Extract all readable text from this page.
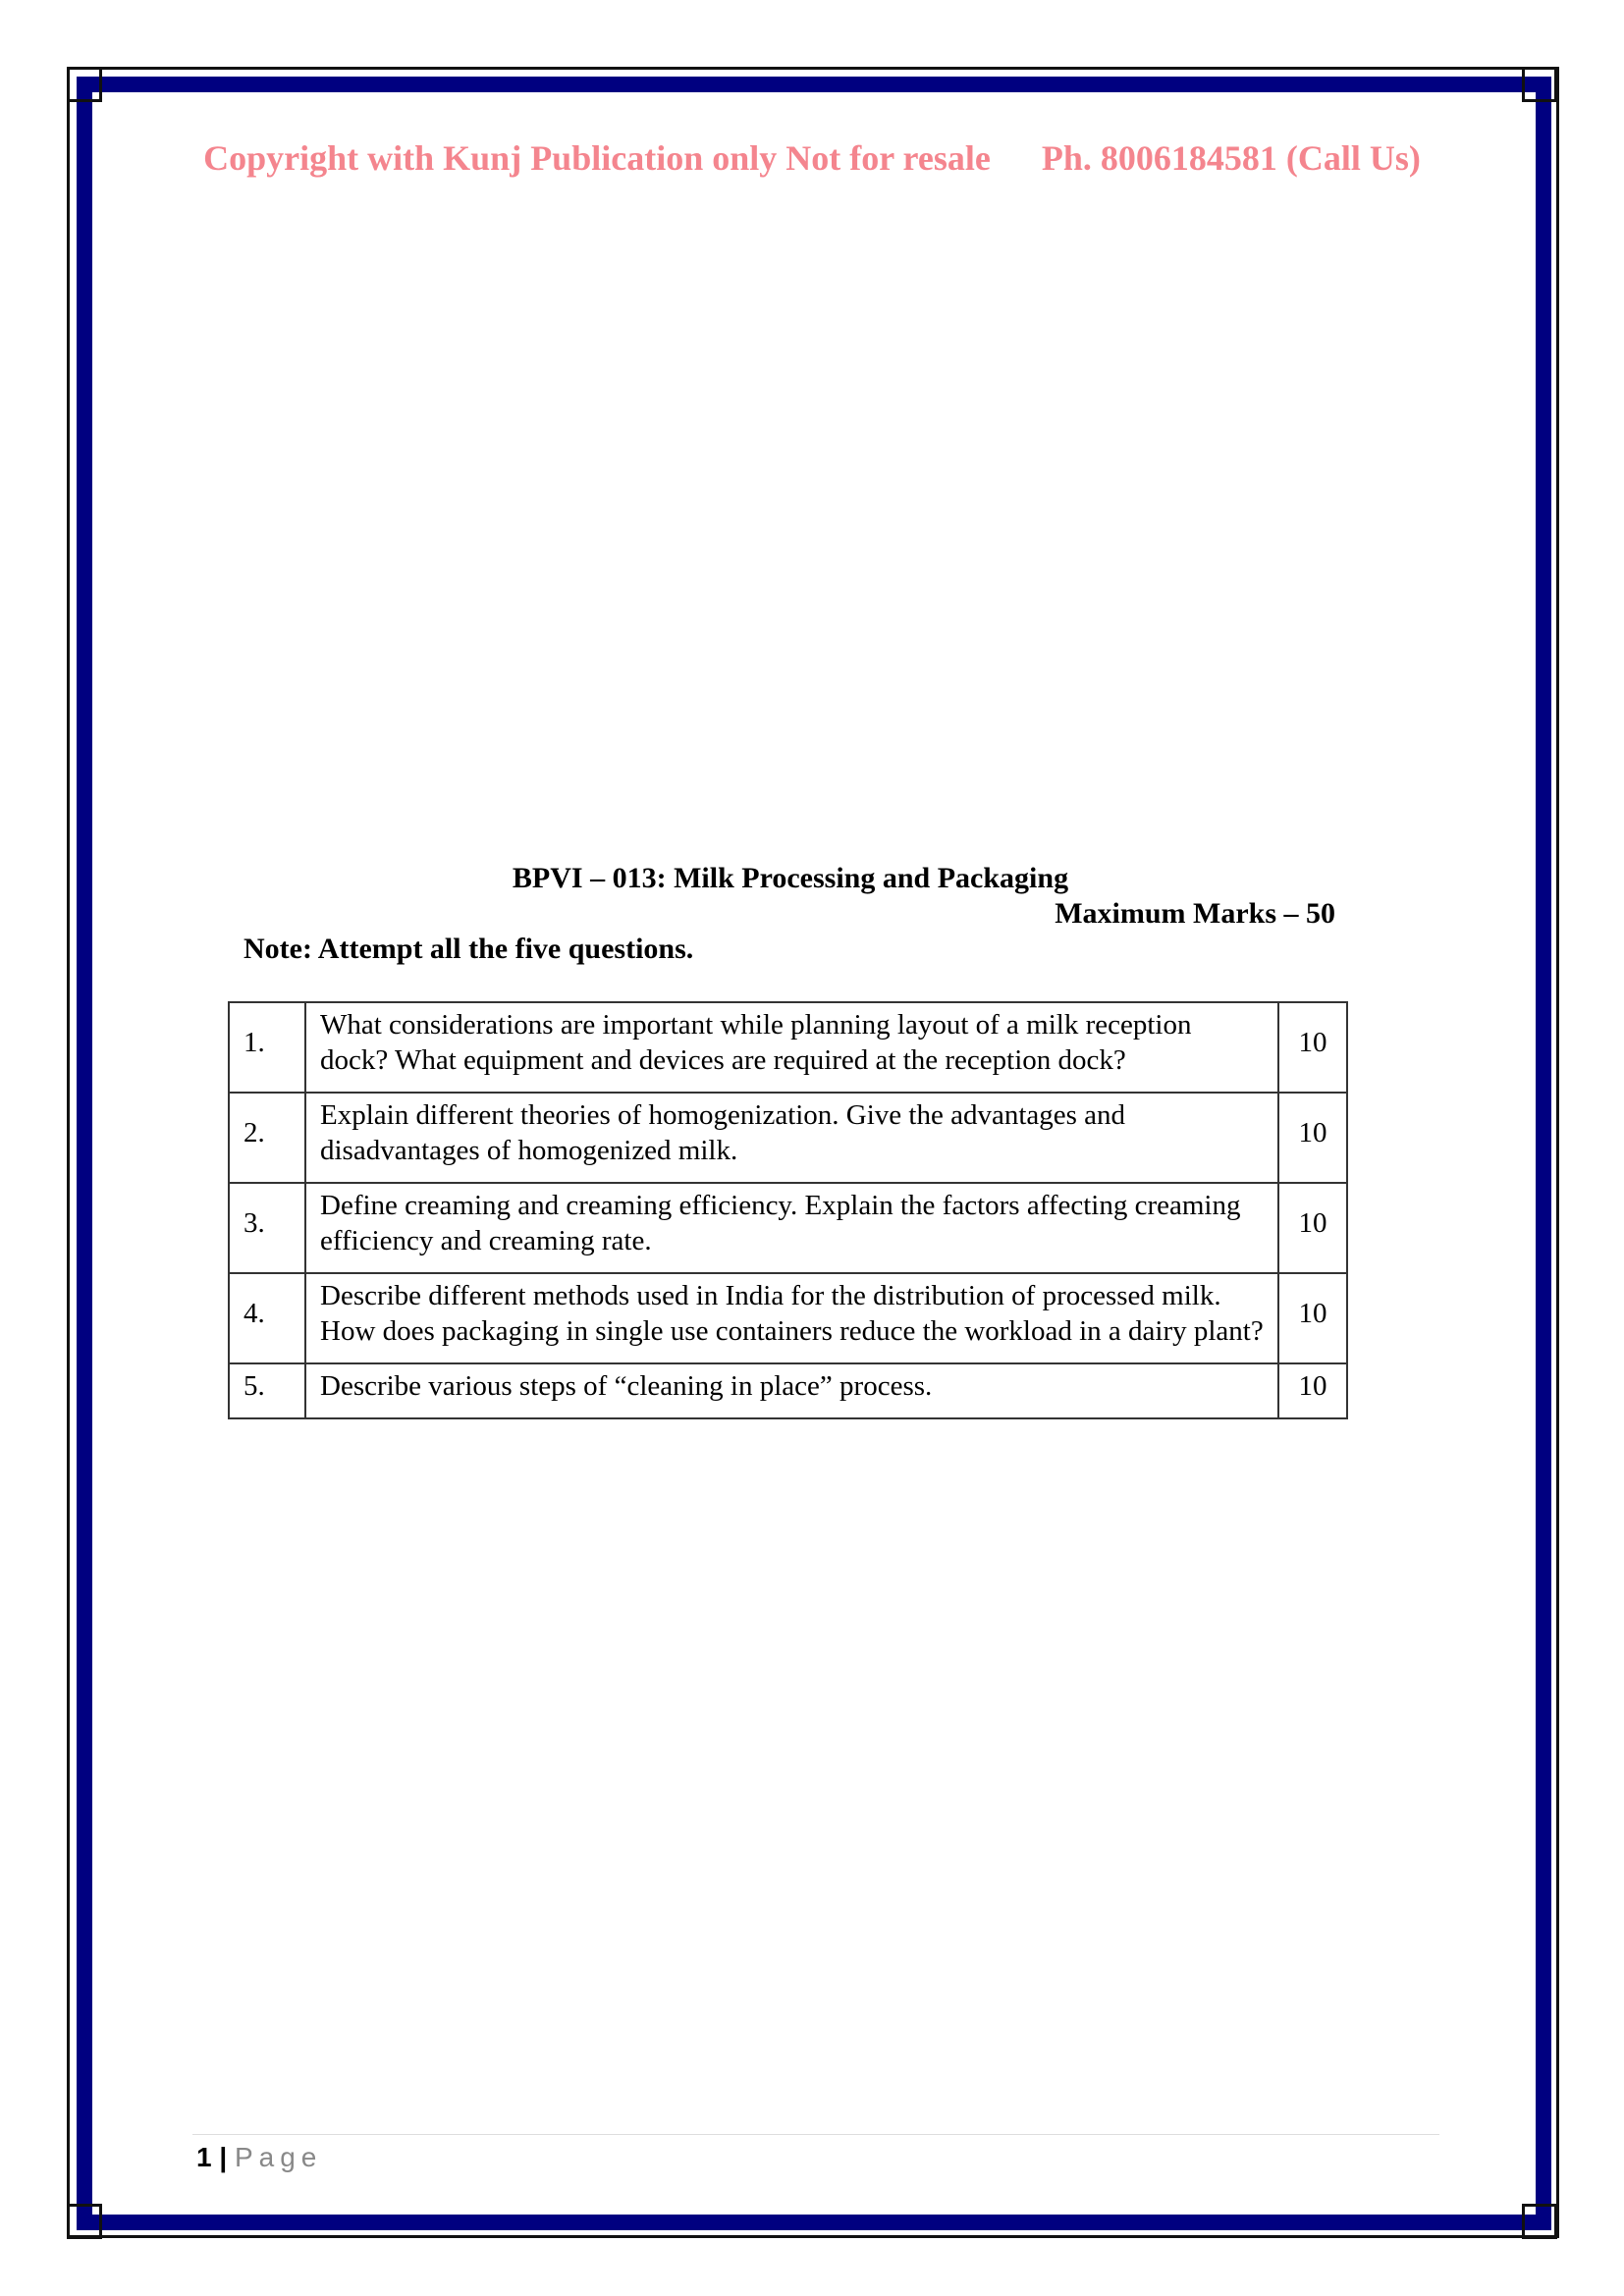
Copyright with Kunj Publication only Not for resale Ph. 8006184581 (Call Us)
BPVI – 013: Milk Processing and Packaging
Maximum Marks – 50
Note: Attempt all the five questions.
1.	What considerations are important while planning layout of a milk reception dock? What equipment and devices are required at the reception dock?	10
2.	Explain different theories of homogenization. Give the advantages and disadvantages of homogenized milk.	10
3.	Define creaming and creaming efficiency. Explain the factors affecting creaming efficiency and creaming rate.	10
4.	Describe different methods used in India for the distribution of processed milk. How does packaging in single use containers reduce the workload in a dairy plant?	10
5.	Describe various steps of “cleaning in place” process.	10
1 | Page
